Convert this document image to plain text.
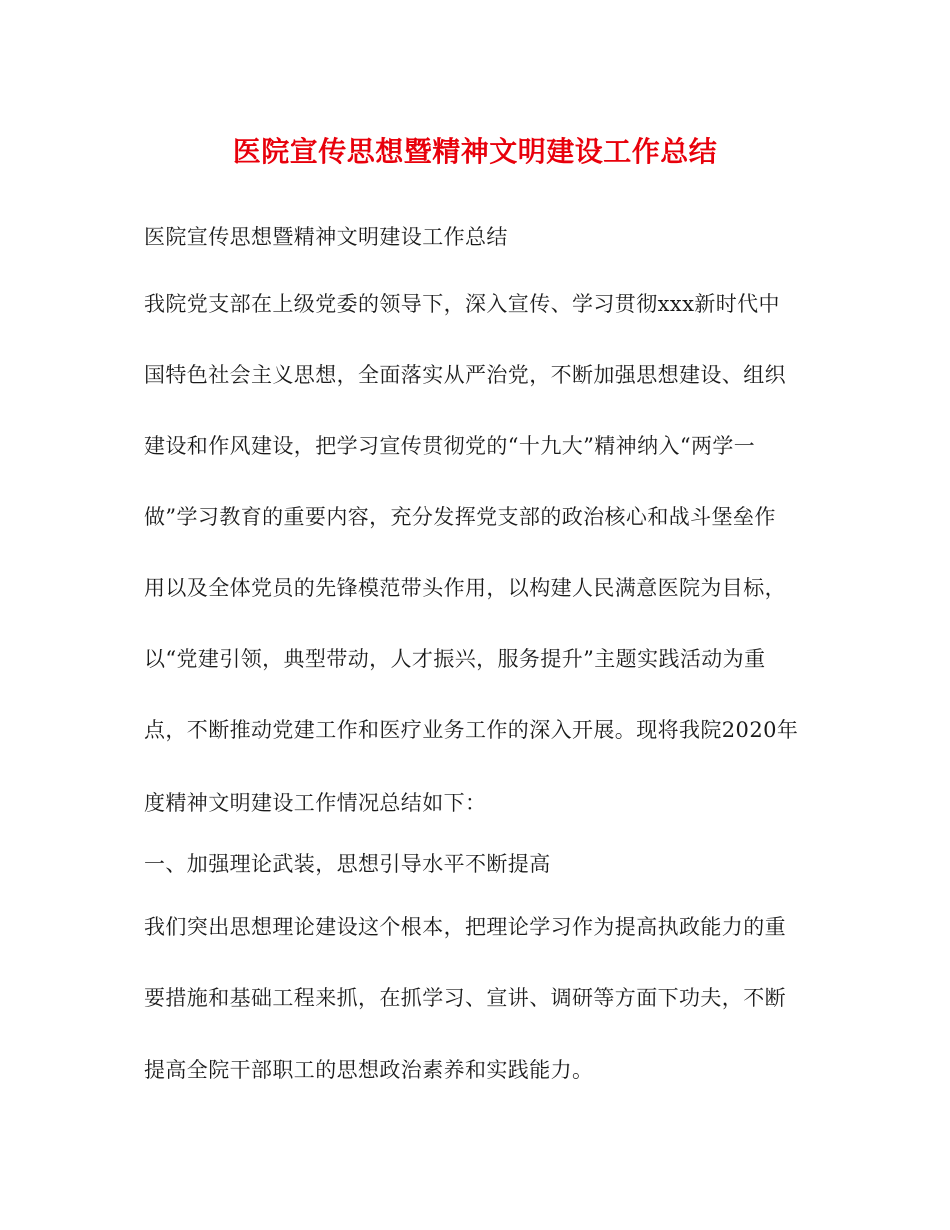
医院宣传思想暨精神文明建设工作总结
医院宣传思想暨精神文明建设工作总结
我院党支部在上级党委的领导下，深入宣传、学习贯彻xxx新时代中
国特色社会主义思想，全面落实从严治党，不断加强思想建设、组织
建设和作风建设，把学习宣传贯彻党的“十九大”精神纳入“两学一
做”学习教育的重要内容，充分发挥党支部的政治核心和战斗堡垒作
用以及全体党员的先锋模范带头作用，以构建人民满意医院为目标，
以“党建引领，典型带动，人才振兴，服务提升”主题实践活动为重
点，不断推动党建工作和医疗业务工作的深入开展。现将我院2020年
度精神文明建设工作情况总结如下：
一、加强理论武装，思想引导水平不断提高
我们突出思想理论建设这个根本，把理论学习作为提高执政能力的重
要措施和基础工程来抓，在抓学习、宣讲、调研等方面下功夫，不断
提高全院干部职工的思想政治素养和实践能力。
